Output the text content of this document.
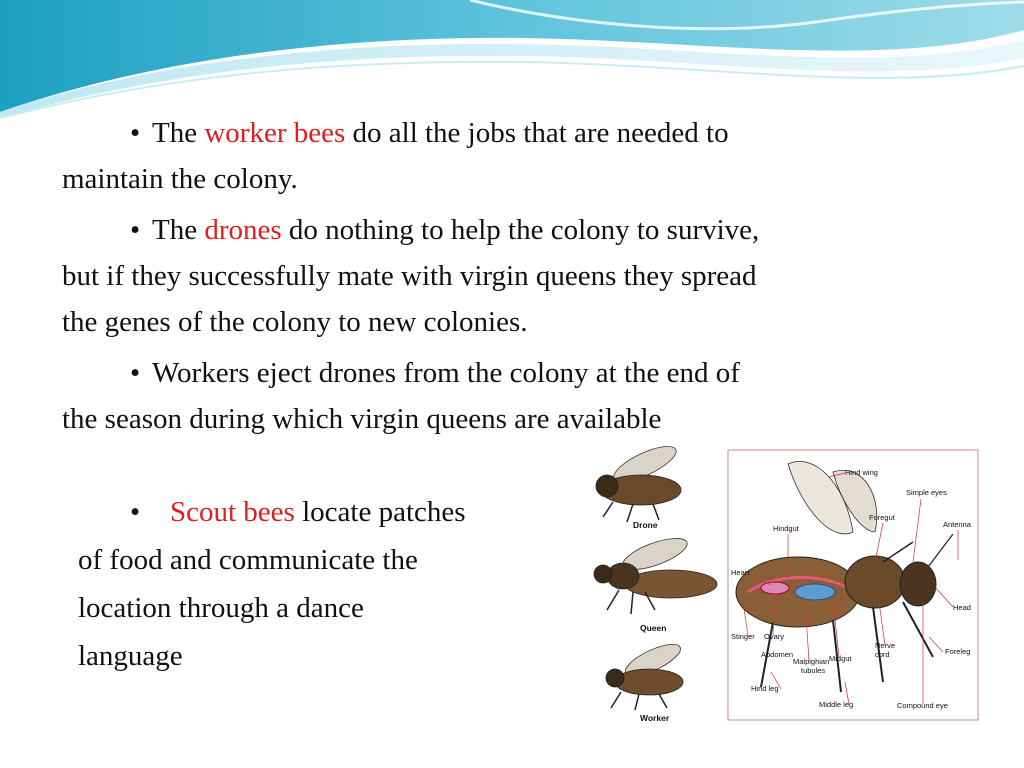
• The worker bees do all the jobs that are needed to
maintain the colony.

• The drones do nothing to help the colony to survive,
but if they successfully mate with virgin queens they spread
the genes of the colony to new colonies.

• Workers eject drones from the colony at the end of
the season during which virgin queens are available

• Scout bees locate patches
of food and communicate the
location through a dance
language

Drone
Queen
Worker
Hind wing
Simple eyes
Hindgut
Foregut
Antenna
Heart
Head
Stinger Ovary
Abdomen
Malpighian
tubules
Midgut
Nerve
cord	Foreleg
Hind leg
Middle leg	Compound eye
